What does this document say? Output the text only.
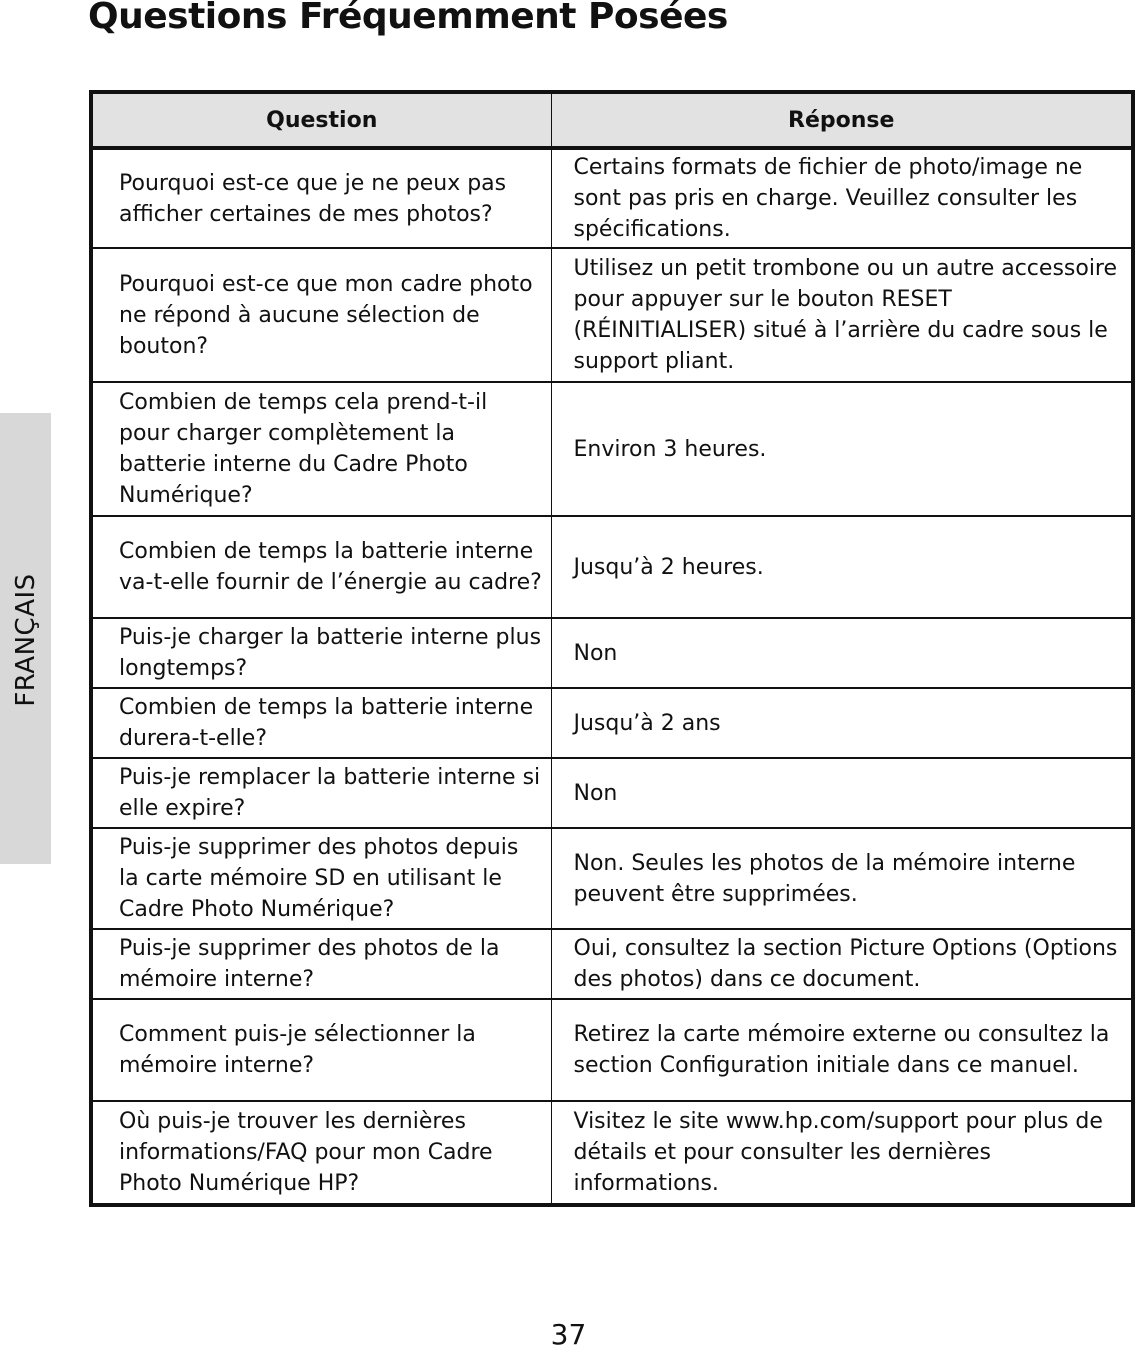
Questions Fréquemment Posées
FRANÇAIS
Question	Réponse
Pourquoi est-ce que je ne peux pas afficher certaines de mes photos?	Certains formats de fichier de photo/image ne sont pas pris en charge. Veuillez consulter les spécifications.
Pourquoi est-ce que mon cadre photo ne répond à aucune sélection de bouton?	Utilisez un petit trombone ou un autre accessoire pour appuyer sur le bouton RESET (RÉINITIALISER) situé à l’arrière du cadre sous le support pliant.
Combien de temps cela prend-t-il pour charger complètement la batterie interne du Cadre Photo Numérique?	Environ 3 heures.
Combien de temps la batterie interne va-t-elle fournir de l’énergie au cadre?	Jusqu’à 2 heures.
Puis-je charger la batterie interne plus longtemps?	Non
Combien de temps la batterie interne durera-t-elle?	Jusqu’à 2 ans
Puis-je remplacer la batterie interne si elle expire?	Non
Puis-je supprimer des photos depuis la carte mémoire SD en utilisant le Cadre Photo Numérique?	Non. Seules les photos de la mémoire interne peuvent être supprimées.
Puis-je supprimer des photos de la mémoire interne?	Oui, consultez la section Picture Options (Options des photos) dans ce document.
Comment puis-je sélectionner la mémoire interne?	Retirez la carte mémoire externe ou consultez la section Configuration initiale dans ce manuel.
Où puis-je trouver les dernières informations/FAQ pour mon Cadre Photo Numérique HP?	Visitez le site www.hp.com/support pour plus de détails et pour consulter les dernières informations.
37
